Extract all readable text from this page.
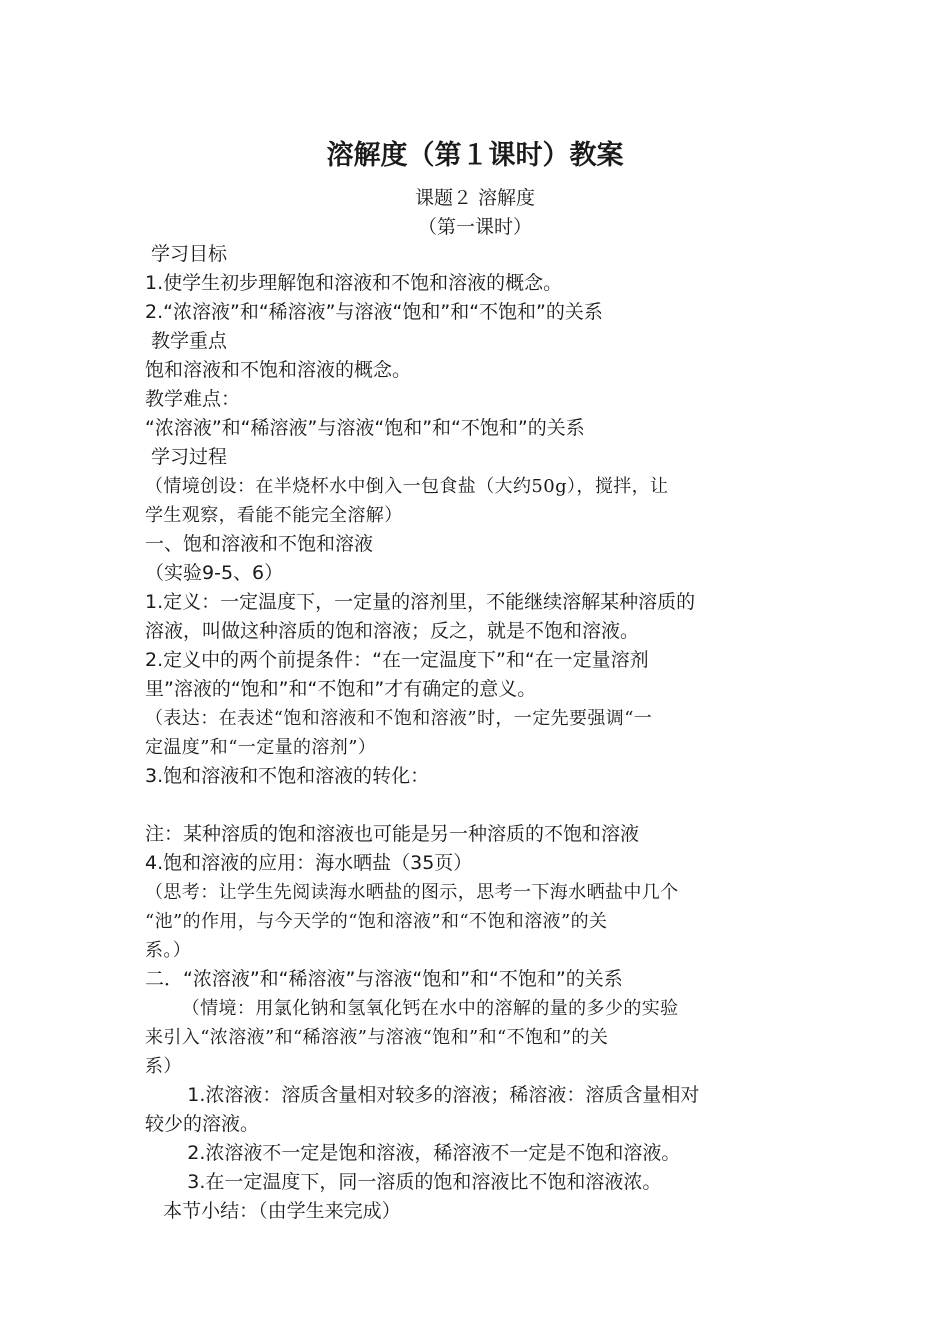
溶解度（第１课时）教案
课题２ 溶解度
（第一课时）

学习目标

1.使学生初步理解饱和溶液和不饱和溶液的概念。

2.“浓溶液”和“稀溶液”与溶液“饱和”和“不饱和”的关系

教学重点

饱和溶液和不饱和溶液的概念。

教学难点：

“浓溶液”和“稀溶液”与溶液“饱和”和“不饱和”的关系

学习过程

（情境创设：在半烧杯水中倒入一包食盐（大约50g），搅拌，让

学生观察，看能不能完全溶解）

一、饱和溶液和不饱和溶液

（实验9-5、6）

1.定义：一定温度下，一定量的溶剂里，不能继续溶解某种溶质的

溶液，叫做这种溶质的饱和溶液；反之，就是不饱和溶液。

2.定义中的两个前提条件：“在一定温度下”和“在一定量溶剂

里”溶液的“饱和”和“不饱和”才有确定的意义。

（表达：在表述“饱和溶液和不饱和溶液”时，一定先要强调“一

定温度”和“一定量的溶剂”）

3.饱和溶液和不饱和溶液的转化：

注：某种溶质的饱和溶液也可能是另一种溶质的不饱和溶液

4.饱和溶液的应用：海水晒盐（35页）

（思考：让学生先阅读海水晒盐的图示，思考一下海水晒盐中几个

“池”的作用，与今天学的“饱和溶液”和“不饱和溶液”的关

系。）

二．“浓溶液”和“稀溶液”与溶液“饱和”和“不饱和”的关系

（情境：用氯化钠和氢氧化钙在水中的溶解的量的多少的实验

来引入“浓溶液”和“稀溶液”与溶液“饱和”和“不饱和”的关

系）

1.浓溶液：溶质含量相对较多的溶液；稀溶液：溶质含量相对

较少的溶液。

2.浓溶液不一定是饱和溶液，稀溶液不一定是不饱和溶液。

3.在一定温度下，同一溶质的饱和溶液比不饱和溶液浓。

本节小结：（由学生来完成）
